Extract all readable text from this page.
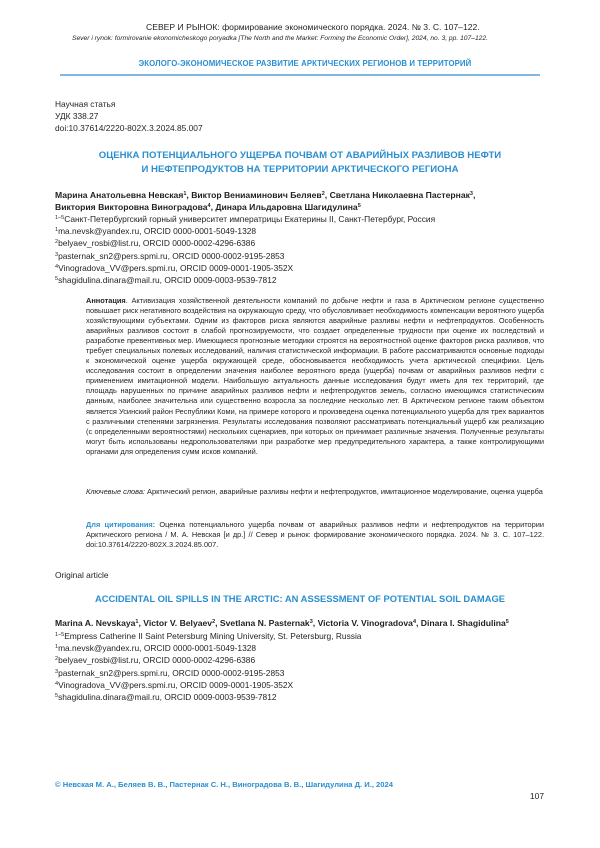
СЕВЕР И РЫНОК: формирование экономического порядка. 2024. № 3. С. 107–122.
Sever i rynok: formirovanie ekonomicheskogo poryadka [The North and the Market: Forming the Economic Order], 2024, no. 3, pp. 107–122.
ЭКОЛОГО-ЭКОНОМИЧЕСКОЕ РАЗВИТИЕ АРКТИЧЕСКИХ РЕГИОНОВ И ТЕРРИТОРИЙ
Научная статья
УДК 338.27
doi:10.37614/2220-802X.3.2024.85.007
ОЦЕНКА ПОТЕНЦИАЛЬНОГО УЩЕРБА ПОЧВАМ ОТ АВАРИЙНЫХ РАЗЛИВОВ НЕФТИ
И НЕФТЕПРОДУКТОВ НА ТЕРРИТОРИИ АРКТИЧЕСКОГО РЕГИОНА
Марина Анатольевна Невская$^1$, Виктор Вениаминович Беляев$^2$, Светлана Николаевна Пастернак$^3$,
Виктория Викторовна Виноградова$^4$, Динара Ильдаровна Шагидулина$^5$
$^{1-5}$Санкт-Петербургский горный университет императрицы Екатерины II, Санкт-Петербург, Россия
$^1$ma.nevsk@yandex.ru, ORCID 0000-0001-5049-1328
$^2$belyaev_rosbi@list.ru, ORCID 0000-0002-4296-6386
$^3$pasternak_sn2@pers.spmi.ru, ORCID 0000-0002-9195-2853
$^4$Vinogradova_VV@pers.spmi.ru, ORCID 0009-0001-1905-352X
$^5$shagidulina.dinara@mail.ru, ORCID 0009-0003-9539-7812
Аннотация. Активизация хозяйственной деятельности компаний по добыче нефти и газа в Арктическом регионе существенно повышает риск негативного воздействия на окружающую среду, что обусловливает необходимость компенсации вероятного ущерба хозяйствующими субъектами. Одним из факторов риска являются аварийные разливы нефти и нефтепродуктов. Особенность аварийных разливов состоит в слабой прогнозируемости, что создает определенные трудности при оценке их последствий и разработке превентивных мер. Имеющиеся прогнозные методики строятся на вероятностной оценке факторов риска разливов, что требует специальных полевых исследований, наличия статистической информации. В работе рассматриваются основные подходы к экономической оценке ущерба окружающей среде, обосновывается необходимость учета арктической специфики. Цель исследования состоит в определении значения наиболее вероятного вреда (ущерба) почвам от аварийных разливов нефти с применением имитационной модели. Наибольшую актуальность данные исследования будут иметь для тех территорий, где площадь нарушенных по причине аварийных разливов нефти и нефтепродуктов земель, согласно имеющимся статистическим данным, наиболее значительна или существенно возросла за последние несколько лет. В Арктическом регионе таким объектом является Усинский район Республики Коми, на примере которого и произведена оценка потенциального ущерба для трех вариантов с различными степенями загрязнения. Результаты исследования позволяют рассматривать потенциальный ущерб как реализацию (с определенными вероятностями) нескольких сценариев, при которых он принимает различные значения. Полученные результаты могут быть использованы недропользователями при разработке мер предупредительного характера, а также контролирующими органами для определения сумм исков компаний.
Ключевые слова: Арктический регион, аварийные разливы нефти и нефтепродуктов, имитационное моделирование, оценка ущерба
Для цитирования: Оценка потенциального ущерба почвам от аварийных разливов нефти и нефтепродуктов на территории Арктического региона / М. А. Невская [и др.] // Север и рынок: формирование экономического порядка. 2024. № 3. С. 107–122. doi:10.37614/2220-802X.3.2024.85.007.
Original article
ACCIDENTAL OIL SPILLS IN THE ARCTIC: AN ASSESSMENT OF POTENTIAL SOIL DAMAGE
Marina A. Nevskaya$^1$, Victor V. Belyaev$^2$, Svetlana N. Pasternak$^3$, Victoria V. Vinogradova$^4$, Dinara I. Shagidulina$^5$
$^{1-5}$Empress Catherine II Saint Petersburg Mining University, St. Petersburg, Russia
$^1$ma.nevsk@yandex.ru, ORCID 0000-0001-5049-1328
$^2$belyaev_rosbi@list.ru, ORCID 0000-0002-4296-6386
$^3$pasternak_sn2@pers.spmi.ru, ORCID 0000-0002-9195-2853
$^4$Vinogradova_VV@pers.spmi.ru, ORCID 0009-0001-1905-352X
$^5$shagidulina.dinara@mail.ru, ORCID 0009-0003-9539-7812
© Невская М. А., Беляев В. В., Пастернак С. Н., Виноградова В. В., Шагидулина Д. И., 2024
107
